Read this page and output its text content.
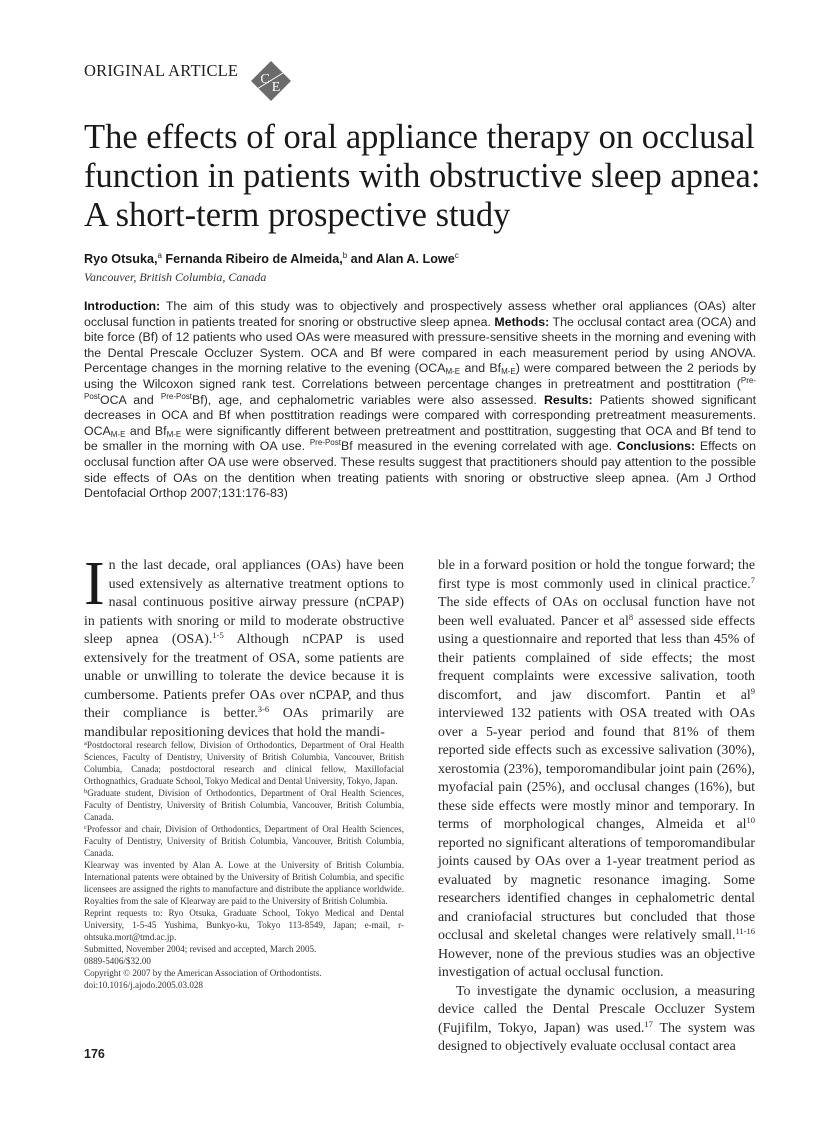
ORIGINAL ARTICLE C
E
The effects of oral appliance therapy on occlusal function in patients with obstructive sleep apnea: A short-term prospective study
Ryo Otsuka,$^a$ Fernanda Ribeiro de Almeida,$^b$ and Alan A. Lowe$^c$
Vancouver, British Columbia, Canada

Introduction: The aim of this study was to objectively and prospectively assess whether oral appliances (OAs) alter occlusal function in patients treated for snoring or obstructive sleep apnea. Methods: The occlusal contact area (OCA) and bite force (Bf) of 12 patients who used OAs were measured with pressure-sensitive sheets in the morning and evening with the Dental Prescale Occluzer System. OCA and Bf were compared in each measurement period by using ANOVA. Percentage changes in the morning relative to the evening ($OCA_{M-E}$ and $Bf_{M-E}$) were compared between the 2 periods by using the Wilcoxon signed rank test. Correlations between percentage changes in pretreatment and posttitration ($^{Pre-Post}$OCA and $^{Pre-Post}$Bf), age, and cephalometric variables were also assessed. Results: Patients showed significant decreases in OCA and Bf when posttitration readings were compared with corresponding pretreatment measurements. $OCA_{M-E}$ and $Bf_{M-E}$ were significantly different between pretreatment and posttitration, suggesting that OCA and Bf tend to be smaller in the morning with OA use. $^{Pre-Post}$Bf measured in the evening correlated with age. Conclusions: Effects on occlusal function after OA use were observed. These results suggest that practitioners should pay attention to the possible side effects of OAs on the dentition when treating patients with snoring or obstructive sleep apnea. (Am J Orthod Dentofacial Orthop 2007;131:176-83)

In the last decade, oral appliances (OAs) have been used extensively as alternative treatment options to nasal continuous positive airway pressure (nCPAP) in patients with snoring or mild to moderate obstructive sleep apnea (OSA).$^{1-5}$ Although nCPAP is used extensively for the treatment of OSA, some patients are unable or unwilling to tolerate the device because it is cumbersome. Patients prefer OAs over nCPAP, and thus their compliance is better.$^{3-6}$ OAs primarily are mandibular repositioning devices that hold the mandi-

$^a$Postdoctoral research fellow, Division of Orthodontics, Department of Oral Health Sciences, Faculty of Dentistry, University of British Columbia, Vancouver, British Columbia, Canada; postdoctoral research and clinical fellow, Maxillofacial Orthognathics, Graduate School, Tokyo Medical and Dental University, Tokyo, Japan.

$^b$Graduate student, Division of Orthodontics, Department of Oral Health Sciences, Faculty of Dentistry, University of British Columbia, Vancouver, British Columbia, Canada.

$^c$Professor and chair, Division of Orthodontics, Department of Oral Health Sciences, Faculty of Dentistry, University of British Columbia, Vancouver, British Columbia, Canada.

Klearway was invented by Alan A. Lowe at the University of British Columbia. International patents were obtained by the University of British Columbia, and specific licensees are assigned the rights to manufacture and distribute the appliance worldwide. Royalties from the sale of Klearway are paid to the University of British Columbia.

Reprint requests to: Ryo Otsuka, Graduate School, Tokyo Medical and Dental University, 1-5-45 Yushima, Bunkyo-ku, Tokyo 113-8549, Japan; e-mail, r-ohtsuka.mort@tmd.ac.jp.

Submitted, November 2004; revised and accepted, March 2005.

0889-5406/$32.00

Copyright © 2007 by the American Association of Orthodontists.

doi:10.1016/j.ajodo.2005.03.028

ble in a forward position or hold the tongue forward; the first type is most commonly used in clinical practice.$^7$ The side effects of OAs on occlusal function have not been well evaluated. Pancer et $al^8$ assessed side effects using a questionnaire and reported that less than 45% of their patients complained of side effects; the most frequent complaints were excessive salivation, tooth discomfort, and jaw discomfort. Pantin et $al^9$ interviewed 132 patients with OSA treated with OAs over a 5-year period and found that 81% of them reported side effects such as excessive salivation (30%), xerostomia (23%), temporomandibular joint pain (26%), myofacial pain (25%), and occlusal changes (16%), but these side effects were mostly minor and temporary. In terms of morphological changes, Almeida et $al^{10}$ reported no significant alterations of temporomandibular joints caused by OAs over a 1-year treatment period as evaluated by magnetic resonance imaging. Some researchers identified changes in cephalometric dental and craniofacial structures but concluded that those occlusal and skeletal changes were relatively small.$^{11-16}$ However, none of the previous studies was an objective investigation of actual occlusal function.

To investigate the dynamic occlusion, a measuring device called the Dental Prescale Occluzer System (Fujifilm, Tokyo, Japan) was used.$^{17}$ The system was designed to objectively evaluate occlusal contact area

176
